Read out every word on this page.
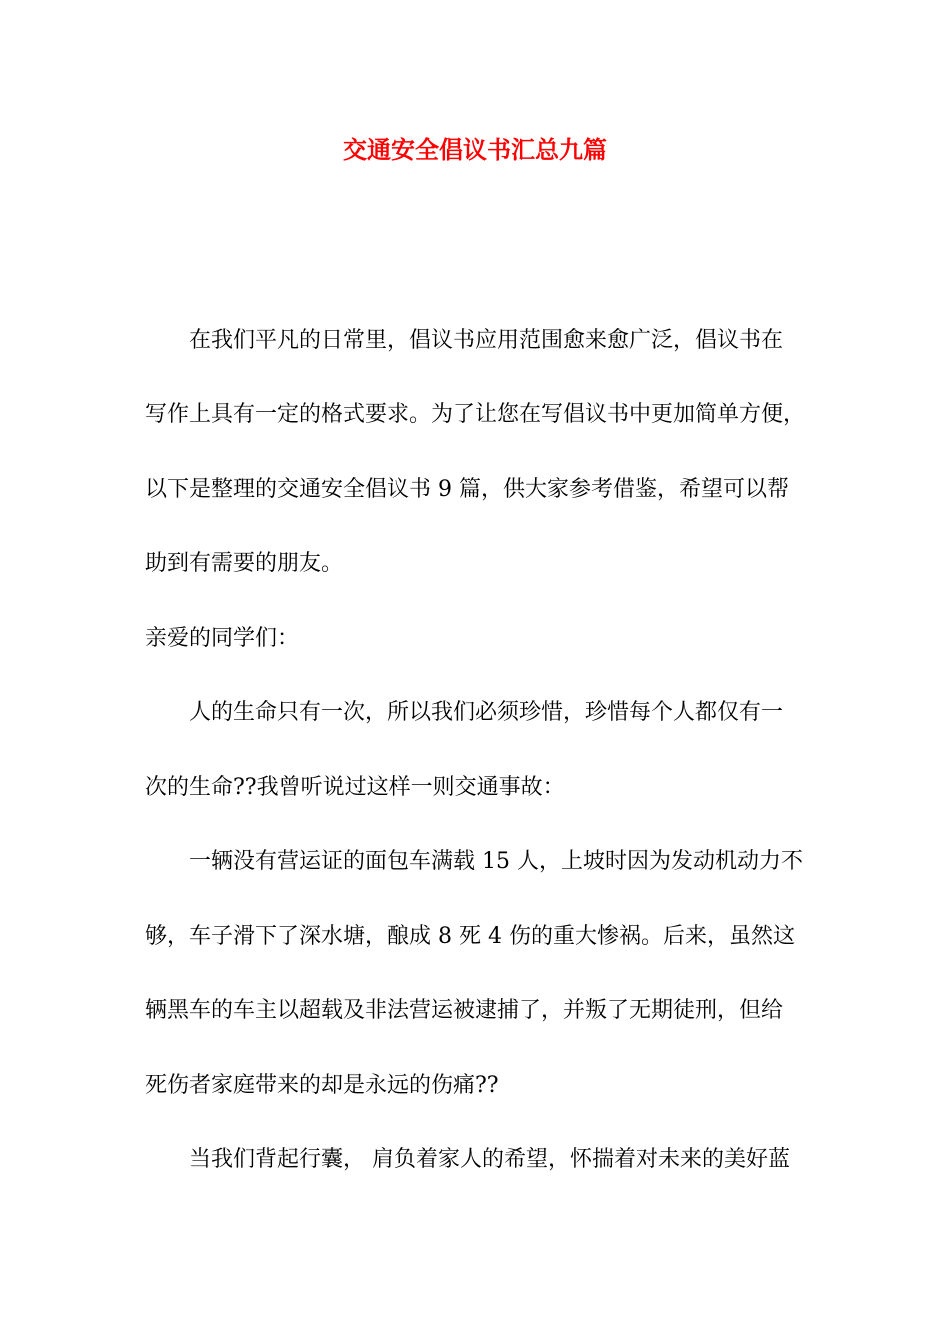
交通安全倡议书汇总九篇

在我们平凡的日常里，倡议书应用范围愈来愈广泛，倡议书在

写作上具有一定的格式要求。为了让您在写倡议书中更加简单方便，

以下是整理的交通安全倡议书 9 篇，供大家参考借鉴，希望可以帮

助到有需要的朋友。

亲爱的同学们：

人的生命只有一次，所以我们必须珍惜，珍惜每个人都仅有一

次的生命??我曾听说过这样一则交通事故：

一辆没有营运证的面包车满载 15 人，上坡时因为发动机动力不

够，车子滑下了深水塘，酿成 8 死 4 伤的重大惨祸。后来，虽然这

辆黑车的车主以超载及非法营运被逮捕了，并叛了无期徒刑，但给

死伤者家庭带来的却是永远的伤痛??

当我们背起行囊， 肩负着家人的希望，怀揣着对未来的美好蓝
